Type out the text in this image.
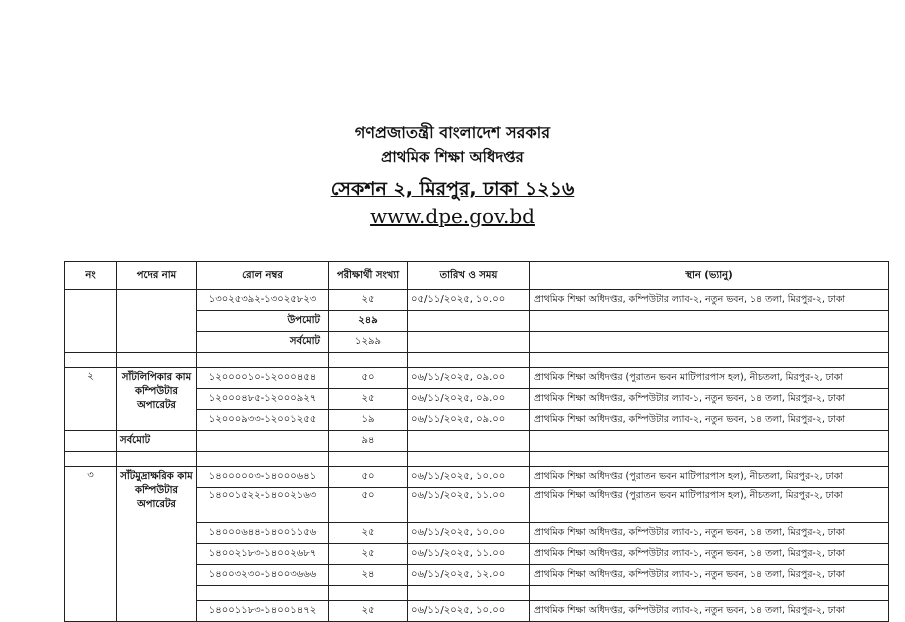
গণপ্রজাতন্ত্রী বাংলাদেশ সরকার
প্রাথমিক শিক্ষা অধিদপ্তর
সেকশন ২, মিরপুর, ঢাকা ১২১৬
www.dpe.gov.bd
নং	পদের নাম	রোল নম্বর	পরীক্ষার্থী সংখ্যা	তারিখ ও সময়	স্থান (ভ্যানু)
		১৩০২৫৩৯২-১৩০২৫৮২৩	২৫	০৫/১১/২০২৫, ১০.০০	প্রাথমিক শিক্ষা অধিদপ্তর, কম্পিউটার ল্যাব-২, নতুন ভবন, ১৪ তলা, মিরপুর-২, ঢাকা
		উপমোট	২৪৯		
		সর্বমোট	১২৯৯		

২	সাঁটলিপিকার কাম কম্পিউটার অপারেটর	১২০০০০১০-১২০০০৪৫৪	৫০	০৬/১১/২০২৫, ০৯.০০	প্রাথমিক শিক্ষা অধিদপ্তর (পুরাতন ভবন মাটিপারপাস হল), নীচতলা, মিরপুর-২, ঢাকা
		১২০০০৪৮৫-১২০০০৯২৭	২৫	০৬/১১/২০২৫, ০৯.০০	প্রাথমিক শিক্ষা অধিদপ্তর, কম্পিউটার ল্যাব-১, নতুন ভবন, ১৪ তলা, মিরপুর-২, ঢাকা
		১২০০০৯৩৩-১২০০১২৫৫	১৯	০৬/১১/২০২৫, ০৯.০০	প্রাথমিক শিক্ষা অধিদপ্তর, কম্পিউটার ল্যাব-২, নতুন ভবন, ১৪ তলা, মিরপুর-২, ঢাকা
	সর্বমোট		৯৪		

৩	সাঁটমুদ্রাক্ষরিক কাম কম্পিউটার অপারেটর	১৪০০০০০৩-১৪০০০৬৪১	৫০	০৬/১১/২০২৫, ১০.০০	প্রাথমিক শিক্ষা অধিদপ্তর (পুরাতন ভবন মাটিপারপাস হল), নীচতলা, মিরপুর-২, ঢাকা
		১৪০০১৫২২-১৪০০২১৬৩	৫০	০৬/১১/২০২৫, ১১.০০	প্রাথমিক শিক্ষা অধিদপ্তর (পুরাতন ভবন মাটিপারপাস হল), নীচতলা, মিরপুর-২, ঢাকা
		১৪০০০৬৪৪-১৪০০১১৫৬	২৫	০৬/১১/২০২৫, ১০.০০	প্রাথমিক শিক্ষা অধিদপ্তর, কম্পিউটার ল্যাব-১, নতুন ভবন, ১৪ তলা, মিরপুর-২, ঢাকা
		১৪০০২১৮৩-১৪০০২৬৮৭	২৫	০৬/১১/২০২৫, ১১.০০	প্রাথমিক শিক্ষা অধিদপ্তর, কম্পিউটার ল্যাব-১, নতুন ভবন, ১৪ তলা, মিরপুর-২, ঢাকা
		১৪০০৩২৩০-১৪০০৩৬৬৬	২৪	০৬/১১/২০২৫, ১২.০০	প্রাথমিক শিক্ষা অধিদপ্তর, কম্পিউটার ল্যাব-১, নতুন ভবন, ১৪ তলা, মিরপুর-২, ঢাকা

		১৪০০১১৮৩-১৪০০১৪৭২	২৫	০৬/১১/২০২৫, ১০.০০	প্রাথমিক শিক্ষা অধিদপ্তর, কম্পিউটার ল্যাব-২, নতুন ভবন, ১৪ তলা, মিরপুর-২, ঢাকা
